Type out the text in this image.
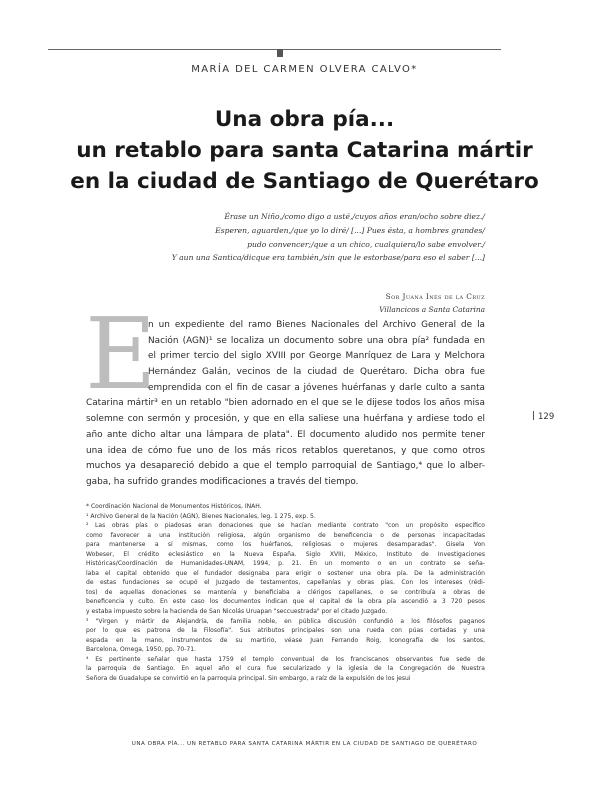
MARÍA DEL CARMEN OLVERA CALVO*
Una obra pía...
un retablo para santa Catarina mártir
en la ciudad de Santiago de Querétaro
Érase un Niño,/como digo a usté,/cuyos años eran/ocho sobre diez./
Esperen, aguarden,/que yo lo diré/ [...] Pues ésta, a hombres grandes/
pudo convencer;/que a un chico, cualquiera/lo sabe envolver./
Y aun una Santica/dicque era también,/sin que le estorbase/para eso el saber [...]
Sor Juana Inés de la Cruz
Villancicos a Santa Catarina
E
n un expediente del ramo Bienes Nacionales del Archivo General de la
Nación (AGN)¹ se localiza un documento sobre una obra pía² fundada en
el primer tercio del siglo XVIII por George Manríquez de Lara y Melchora
Hernández Galán, vecinos de la ciudad de Querétaro. Dicha obra fue
emprendida con el fin de casar a jóvenes huérfanas y darle culto a santa
Catarina mártir³ en un retablo "bien adornado en el que se le dijese todos los años misa
solemne con sermón y procesión, y que en ella saliese una huérfana y ardiese todo el
año ante dicho altar una lámpara de plata". El documento aludido nos permite tener
una idea de cómo fue uno de los más ricos retablos queretanos, y que como otros
muchos ya desapareció debido a que el templo parroquial de Santiago,⁴ que lo alber-
gaba, ha sufrido grandes modificaciones a través del tiempo.
129
* Coordinación Nacional de Monumentos Históricos, INAH.
¹ Archivo General de la Nación (AGN), Bienes Nacionales, leg. 1 275, exp. 5.
² Las obras pías o piadosas eran donaciones que se hacían mediante contrato "con un propósito específico
como favorecer a una institución religiosa, algún organismo de beneficencia o de personas incapacitadas
para mantenerse a sí mismas, como los huérfanos, religiosas o mujeres desamparadas". Gisela Von
Wobeser, El crédito eclesiástico en la Nueva España. Siglo XVIII, México, Instituto de Investigaciones
Históricas/Coordinación de Humanidades-UNAM, 1994, p. 21. En un momento o en un contrato se seña-
laba el capital obtenido que el fundador designaba para erigir o sostener una obra pía. De la administración
de estas fundaciones se ocupó el Juzgado de testamentos, capellanías y obras pías. Con los intereses (rédi-
tos) de aquellas donaciones se mantenía y beneficiaba a clérigos capellanes, o se contribuía a obras de
beneficencia y culto. En este caso los documentos indican que el capital de la obra pía ascendió a 3 720 pesos
y estaba impuesto sobre la hacienda de San Nicolás Uruapan "seccuestrada" por el citado Juzgado.
³ "Virgen y mártir de Alejandría, de familia noble, en pública discusión confundió a los filósofos paganos
por lo que es patrona de la Filosofía". Sus atributos principales son una rueda con púas cortadas y una
espada en la mano, instrumentos de su martirio, véase Juan Ferrando Roig, Iconografía de los santos,
Barcelona, Omega, 1950, pp. 70-71.
⁴ Es pertinente señalar que hasta 1759 el templo conventual de los franciscanos observantes fue sede de
la parroquia de Santiago. En aquel año el cura fue secularizado y la iglesia de la Congregación de Nuestra
Señora de Guadalupe se convirtió en la parroquia principal. Sin embargo, a raíz de la expulsión de los jesui
UNA OBRA PÍA... UN RETABLO PARA SANTA CATARINA MÁRTIR EN LA CIUDAD DE SANTIAGO DE QUERÉTARO
